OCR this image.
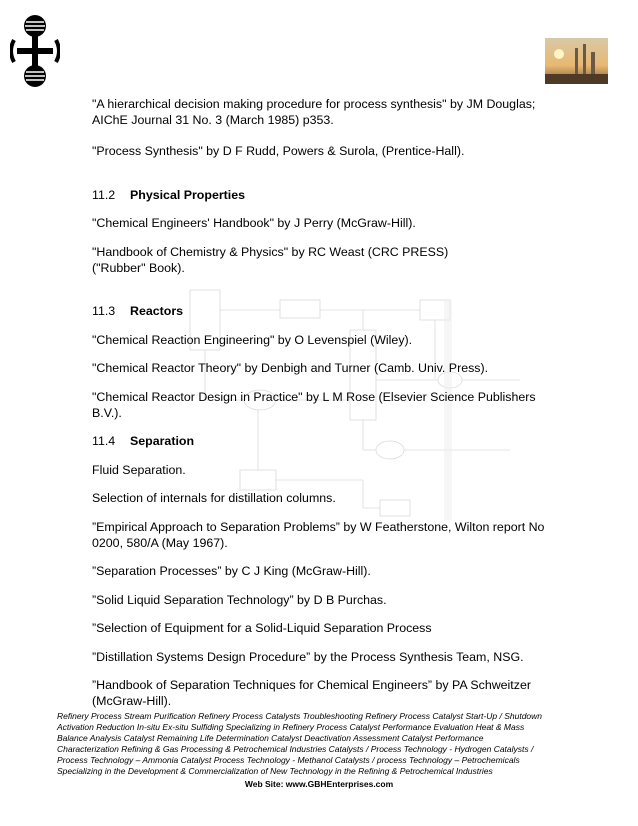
"A hierarchical decision making procedure for process synthesis" by JM Douglas; AIChE Journal 31 No. 3 (March 1985) p353.

"Process Synthesis" by D F Rudd, Powers & Surola, (Prentice-Hall).

11.2 Physical Properties

"Chemical Engineers' Handbook" by J Perry (McGraw-Hill).

"Handbook of Chemistry & Physics" by RC Weast (CRC PRESS) ("Rubber" Book).

11.3 Reactors

"Chemical Reaction Engineering" by O Levenspiel (Wiley).

"Chemical Reactor Theory" by Denbigh and Turner (Camb. Univ. Press).

"Chemical Reactor Design in Practice" by L M Rose (Elsevier Science Publishers B.V.).

11.4 Separation

Fluid Separation.

Selection of internals for distillation columns.

”Empirical Approach to Separation Problems” by W Featherstone, Wilton report No 0200, 580/A (May 1967).

”Separation Processes” by C J King (McGraw-Hill).

”Solid Liquid Separation Technology” by D B Purchas.

”Selection of Equipment for a Solid-Liquid Separation Process

”Distillation Systems Design Procedure” by the Process Synthesis Team, NSG.

”Handbook of Separation Techniques for Chemical Engineers” by PA Schweitzer (McGraw-Hill).

Refinery Process Stream Purification Refinery Process Catalysts Troubleshooting Refinery Process Catalyst Start-Up / Shutdown
Activation Reduction In-situ Ex-situ Sulfiding Specializing in Refinery Process Catalyst Performance Evaluation Heat & Mass
Balance Analysis Catalyst Remaining Life Determination Catalyst Deactivation Assessment Catalyst Performance
Characterization Refining & Gas Processing & Petrochemical Industries Catalysts / Process Technology - Hydrogen Catalysts /
Process Technology – Ammonia Catalyst Process Technology - Methanol Catalysts / process Technology – Petrochemicals
Specializing in the Development & Commercialization of New Technology in the Refining & Petrochemical Industries
Web Site: www.GBHEnterprises.com
